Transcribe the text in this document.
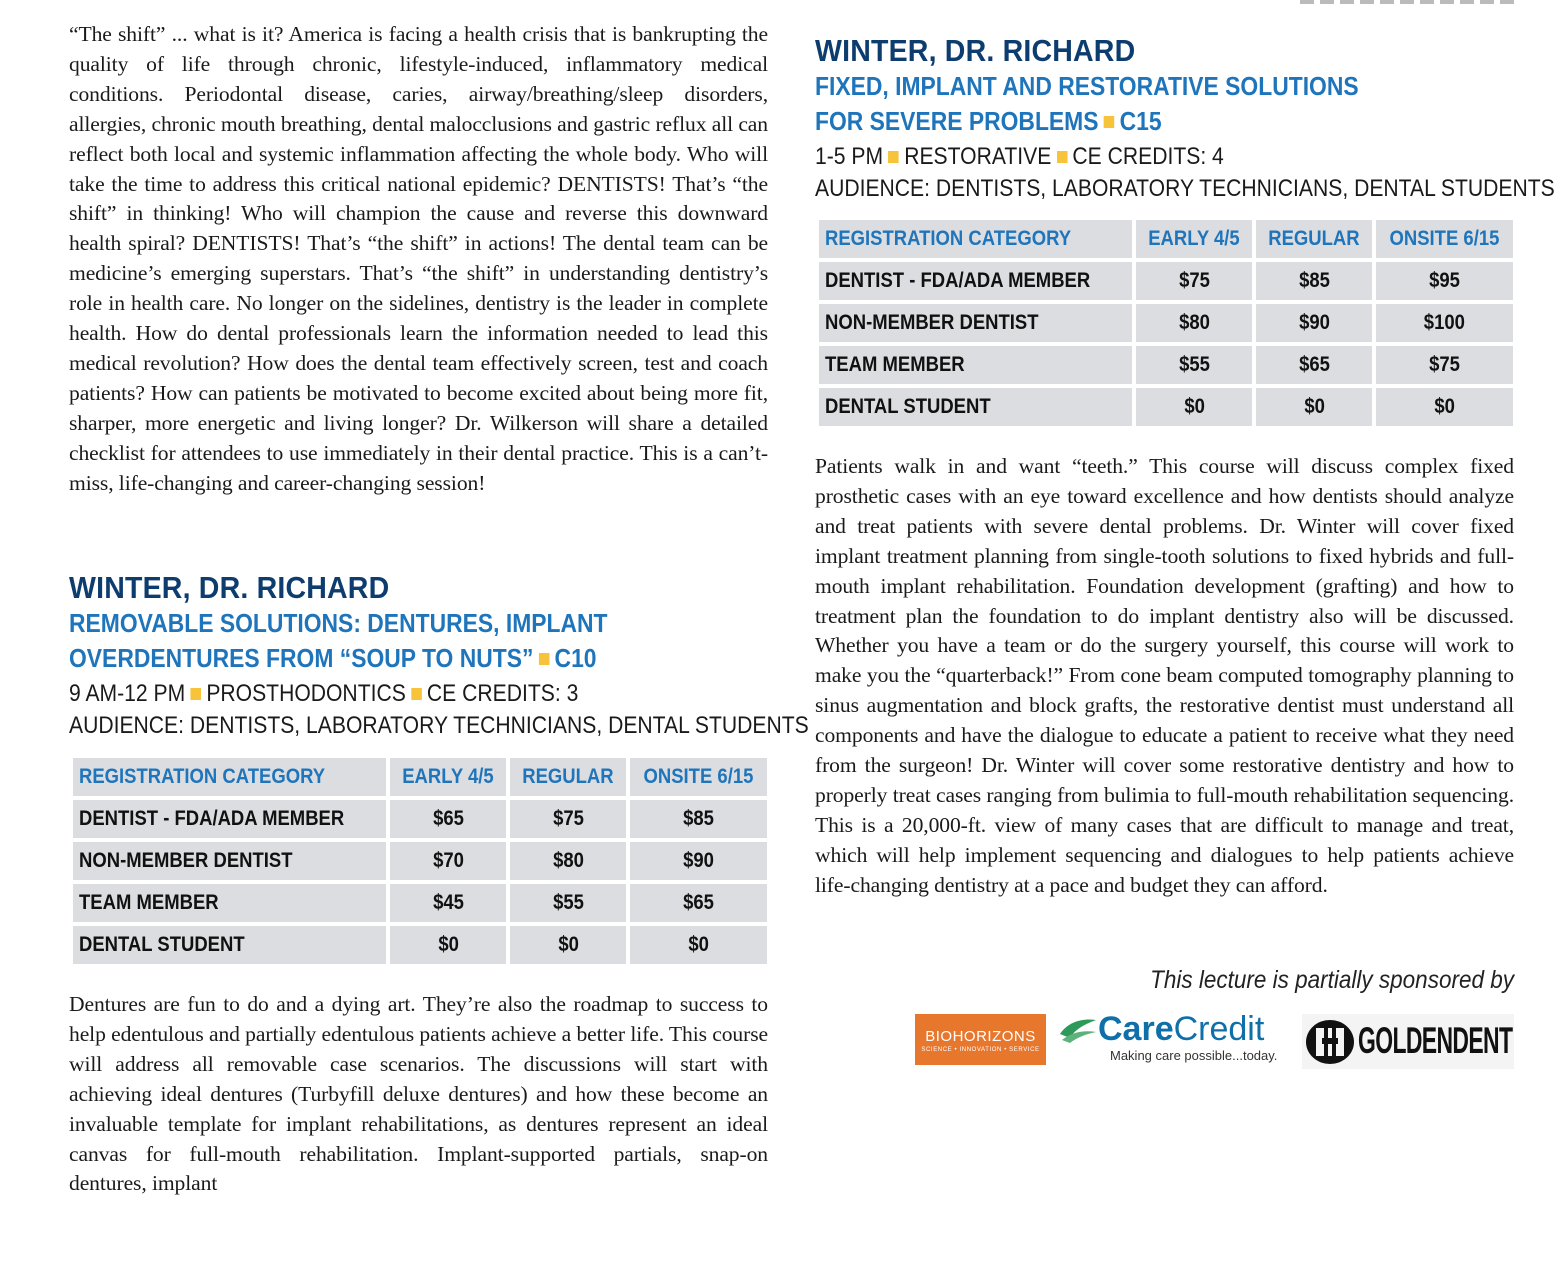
“The shift” ... what is it? America is facing a health crisis that is bankrupting the quality of life through chronic, lifestyle-induced, inflammatory medical conditions. Periodontal disease, caries, airway/breathing/sleep disorders, allergies, chronic mouth breathing, dental malocclusions and gastric reflux all can reflect both local and systemic inflammation affecting the whole body. Who will take the time to address this critical national epidemic? DENTISTS! That’s “the shift” in thinking! Who will champion the cause and reverse this downward health spiral? DENTISTS! That’s “the shift” in actions! The dental team can be medicine’s emerging superstars. That’s “the shift” in understanding dentistry’s role in health care. No longer on the sidelines, dentistry is the leader in complete health. How do dental professionals learn the information needed to lead this medical revolution? How does the dental team effectively screen, test and coach patients? How can patients be motivated to become excited about being more fit, sharper, more energetic and living longer? Dr. Wilkerson will share a detailed checklist for attendees to use immediately in their dental practice. This is a can’t-miss, life-changing and career-changing session!

WINTER, DR. RICHARD

REMOVABLE SOLUTIONS: DENTURES, IMPLANT

OVERDENTURES FROM “SOUP TO NUTS” C10

9 AM-12 PM PROSTHODONTICS CE CREDITS: 3

AUDIENCE: DENTISTS, LABORATORY TECHNICIANS, DENTAL STUDENTS

REGISTRATION CATEGORY	EARLY 4/5	REGULAR	ONSITE 6/15
DENTIST - FDA/ADA MEMBER	$65	$75	$85
NON-MEMBER DENTIST	$70	$80	$90
TEAM MEMBER	$45	$55	$65
DENTAL STUDENT	$0	$0	$0

Dentures are fun to do and a dying art. They’re also the roadmap to success to help edentulous and partially edentulous patients achieve a better life. This course will address all removable case scenarios. The discussions will start with achieving ideal dentures (Turbyfill deluxe dentures) and how these become an invaluable template for implant rehabilitations, as dentures represent an ideal canvas for full-mouth rehabilitation. Implant-supported partials, snap-on dentures, implant

WINTER, DR. RICHARD

FIXED, IMPLANT AND RESTORATIVE SOLUTIONS

FOR SEVERE PROBLEMS C15

1-5 PM RESTORATIVE CE CREDITS: 4

AUDIENCE: DENTISTS, LABORATORY TECHNICIANS, DENTAL STUDENTS

REGISTRATION CATEGORY	EARLY 4/5	REGULAR	ONSITE 6/15
DENTIST - FDA/ADA MEMBER	$75	$85	$95
NON-MEMBER DENTIST	$80	$90	$100
TEAM MEMBER	$55	$65	$75
DENTAL STUDENT	$0	$0	$0

Patients walk in and want “teeth.” This course will discuss complex fixed prosthetic cases with an eye toward excellence and how dentists should analyze and treat patients with severe dental problems. Dr. Winter will cover fixed implant treatment planning from single-tooth solutions to fixed hybrids and full-mouth implant rehabilitation. Foundation development (grafting) and how to treatment plan the foundation to do implant dentistry also will be discussed. Whether you have a team or do the surgery yourself, this course will work to make you the “quarterback!” From cone beam computed tomography planning to sinus augmentation and block grafts, the restorative dentist must understand all components and have the dialogue to educate a patient to receive what they need from the surgeon! Dr. Winter will cover some restorative dentistry and how to properly treat cases ranging from bulimia to full-mouth rehabilitation sequencing. This is a 20,000-ft. view of many cases that are difficult to manage and treat, which will help implement sequencing and dialogues to help patients achieve life-changing dentistry at a pace and budget they can afford.

This lecture is partially sponsored by

BIOHORIZONS
SCIENCE • INNOVATION • SERVICE
CareCredit
Making care possible...today. GOLDENDENT
